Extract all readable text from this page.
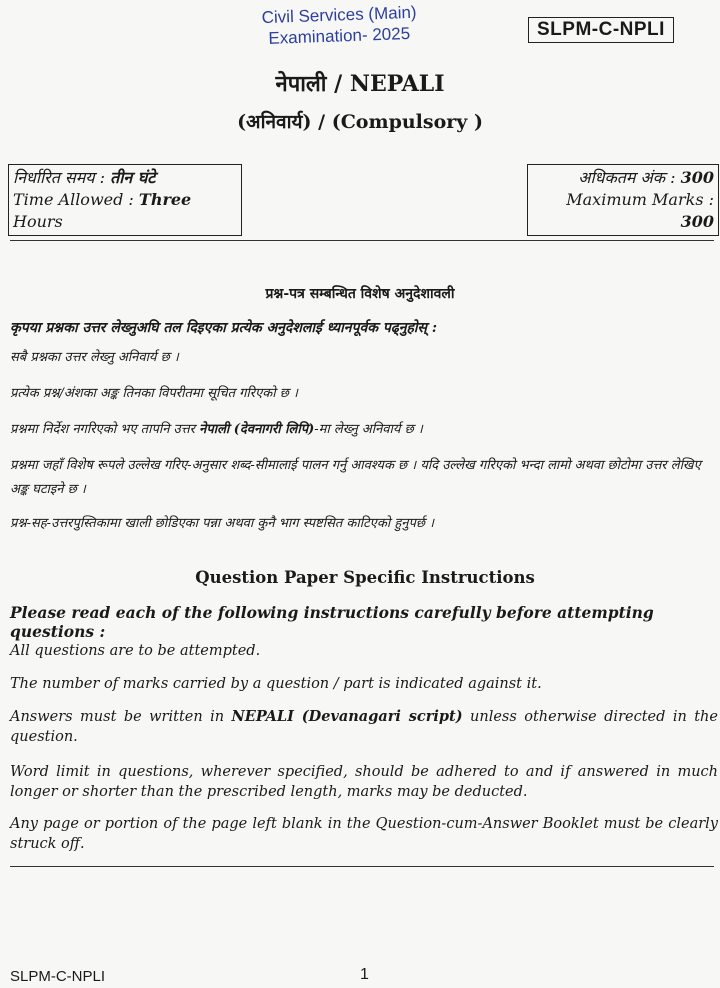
Civil Services (Main)
Examination- 2025	SLPM-C-NPLI
नेपाली / NEPALI
(अनिवार्य) / (Compulsory )
निर्धारित समय : तीन घंटे
Time Allowed : Three Hours
अधिकतम अंक : 300
Maximum Marks : 300
प्रश्न-पत्र सम्बन्धित विशेष अनुदेशावली
कृपया प्रश्नका उत्तर लेख्नुअघि तल दिइएका प्रत्येक अनुदेशलाई ध्यानपूर्वक पढ्नुहोस् :
सबै प्रश्नका उत्तर लेख्नु अनिवार्य छ ।
प्रत्येक प्रश्न/अंशका अङ्क तिनका विपरीतमा सूचित गरिएको छ ।
प्रश्नमा निर्देश नगरिएको भए तापनि उत्तर नेपाली (देवनागरी लिपि)-मा लेख्नु अनिवार्य छ ।
प्रश्नमा जहाँ विशेष रूपले उल्लेख गरिए-अनुसार शब्द-सीमालाई पालन गर्नु आवश्यक छ । यदि उल्लेख गरिएको भन्दा लामो अथवा छोटोमा उत्तर लेखिए अङ्क घटाइने छ ।
प्रश्न-सह-उत्तरपुस्तिकामा खाली छोडिएका पन्ना अथवा कुनै भाग स्पष्टसित काटिएको हुनुपर्छ ।
Question Paper Specific Instructions
Please read each of the following instructions carefully before attempting questions :
All questions are to be attempted.
The number of marks carried by a question / part is indicated against it.
Answers must be written in NEPALI (Devanagari script) unless otherwise directed in the question.
Word limit in questions, wherever specified, should be adhered to and if answered in much longer or shorter than the prescribed length, marks may be deducted.
Any page or portion of the page left blank in the Question-cum-Answer Booklet must be clearly struck off.
SLPM-C-NPLI	1
